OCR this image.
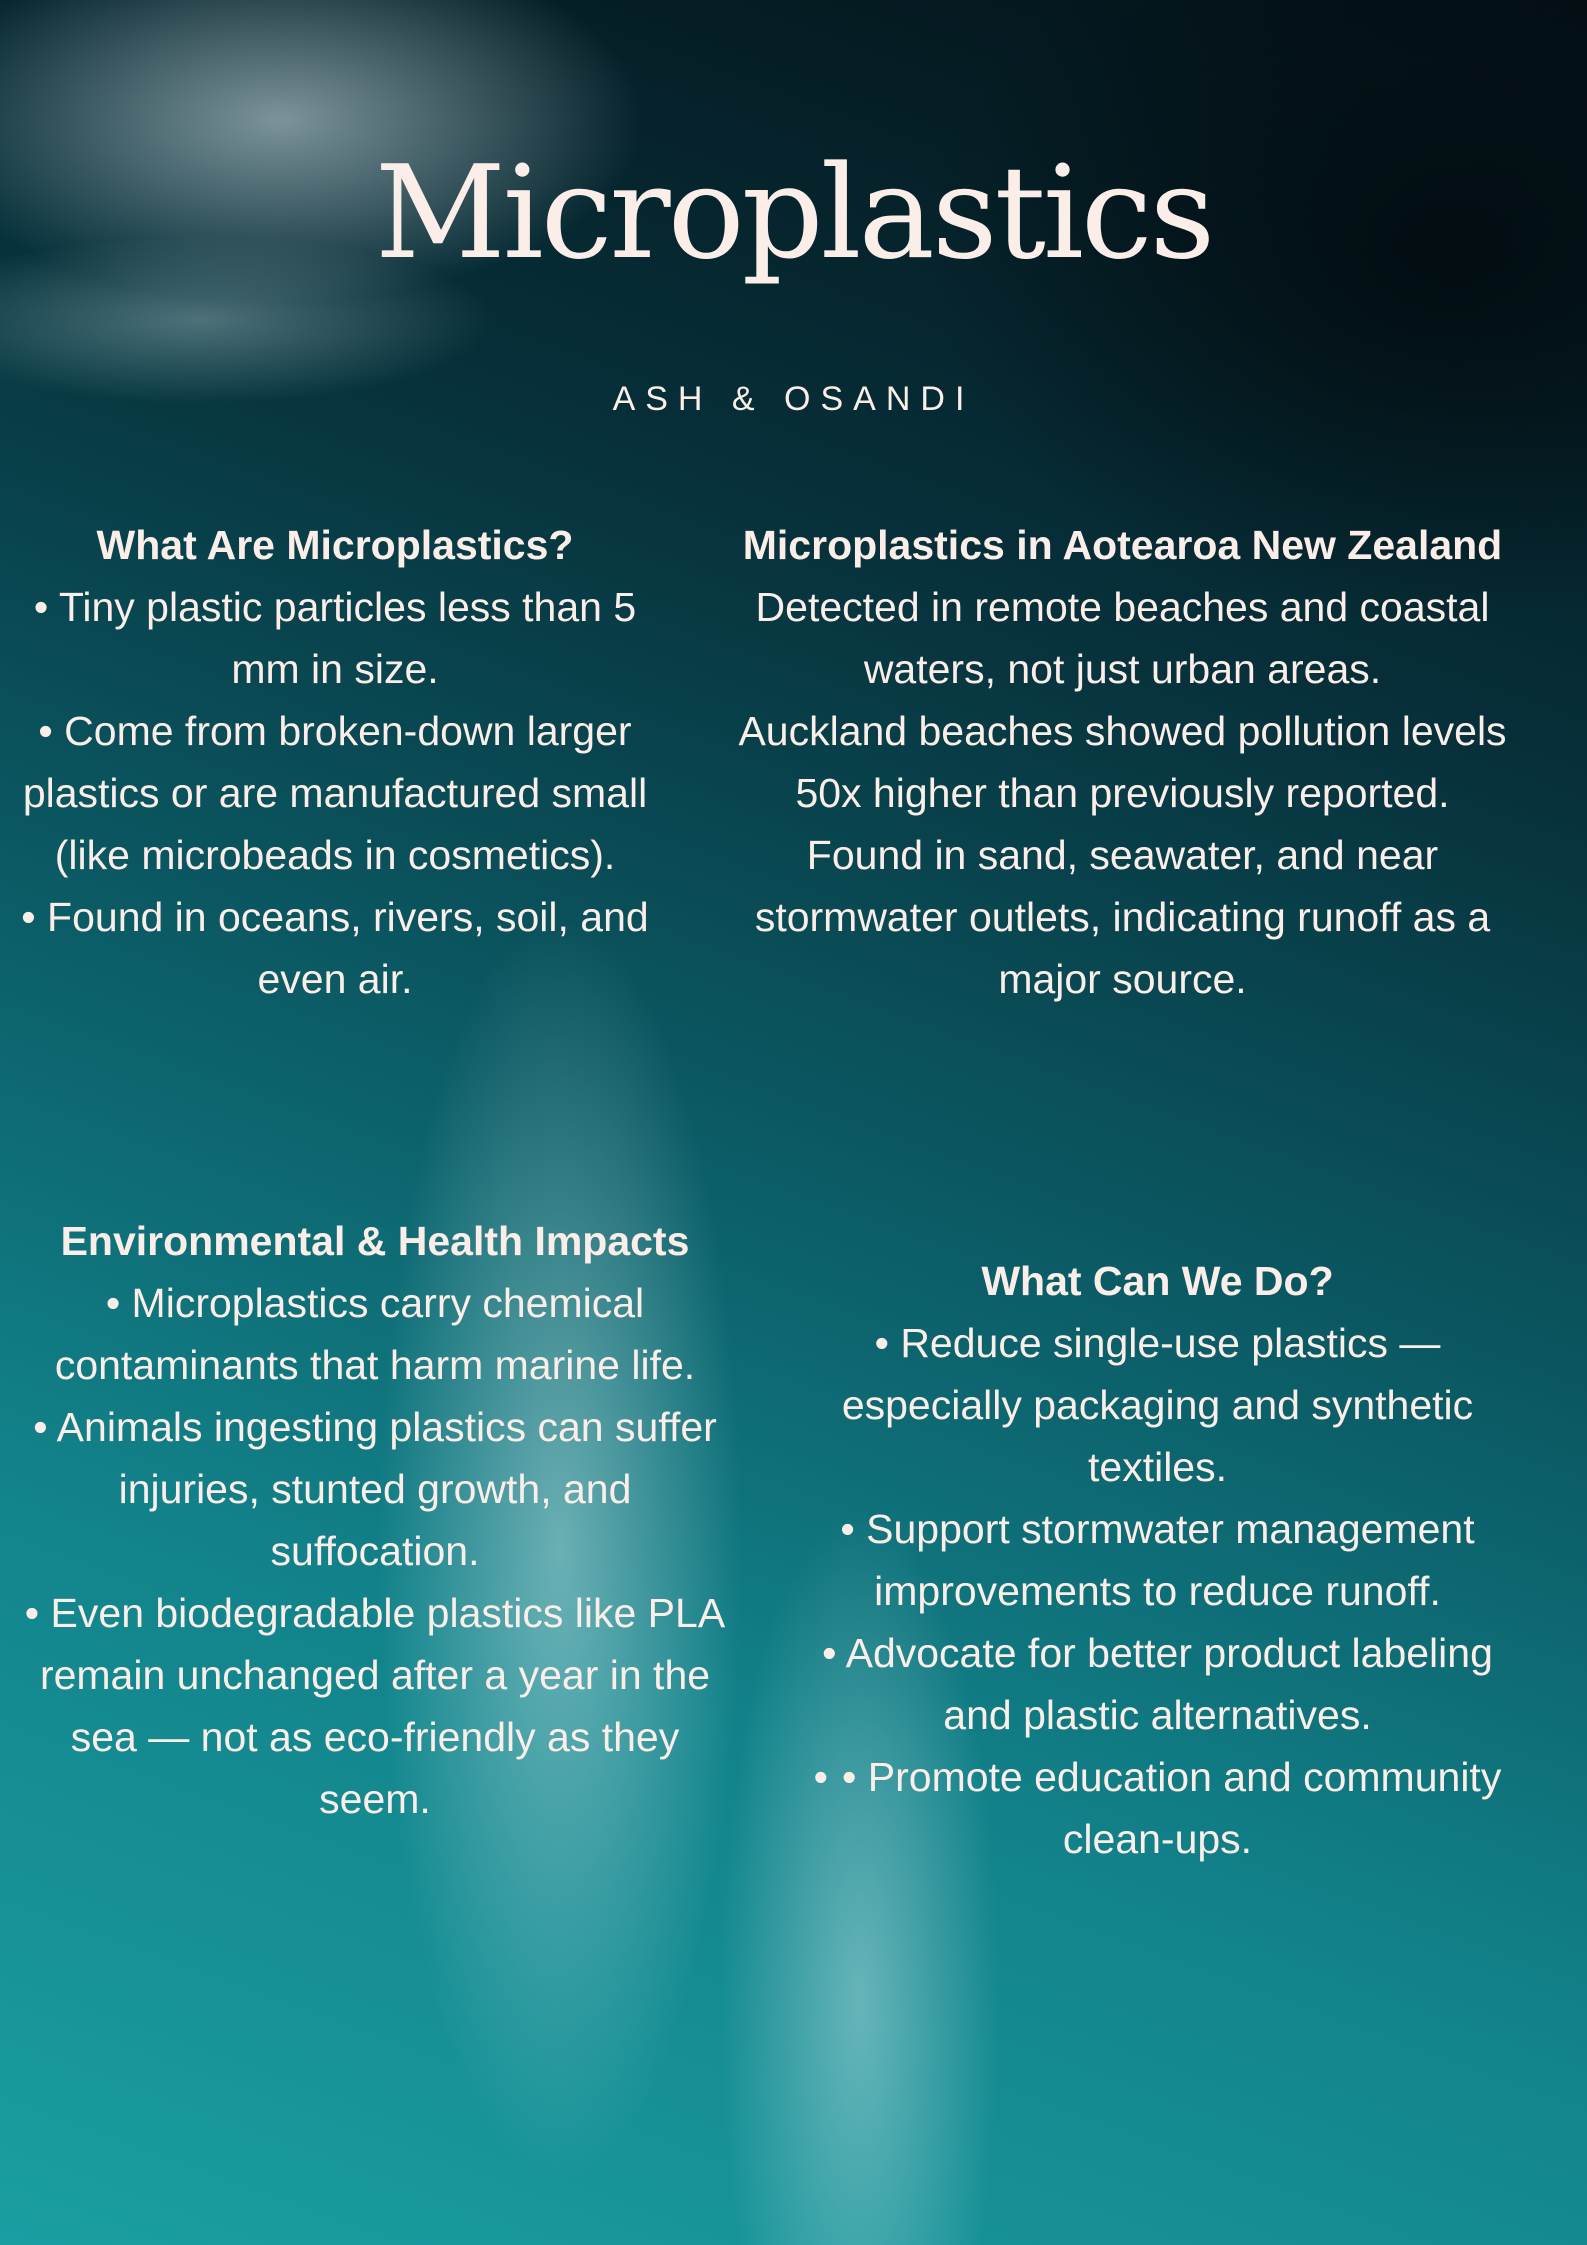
Microplastics
ASH & OSANDI
What Are Microplastics?

• Tiny plastic particles less than 5 mm in size.

• Come from broken-down larger plastics or are manufactured small (like microbeads in cosmetics).

• Found in oceans, rivers, soil, and even air.

Microplastics in Aotearoa New Zealand

Detected in remote beaches and coastal waters, not just urban areas.

Auckland beaches showed pollution levels 50x higher than previously reported.

Found in sand, seawater, and near stormwater outlets, indicating runoff as a major source.

Environmental & Health Impacts

• Microplastics carry chemical contaminants that harm marine life.

• Animals ingesting plastics can suffer injuries, stunted growth, and suffocation.

• Even biodegradable plastics like PLA remain unchanged after a year in the sea — not as eco-friendly as they seem.

What Can We Do?

• Reduce single-use plastics — especially packaging and synthetic textiles.

• Support stormwater management improvements to reduce runoff.

• Advocate for better product labeling and plastic alternatives.

• • Promote education and community clean-ups.
